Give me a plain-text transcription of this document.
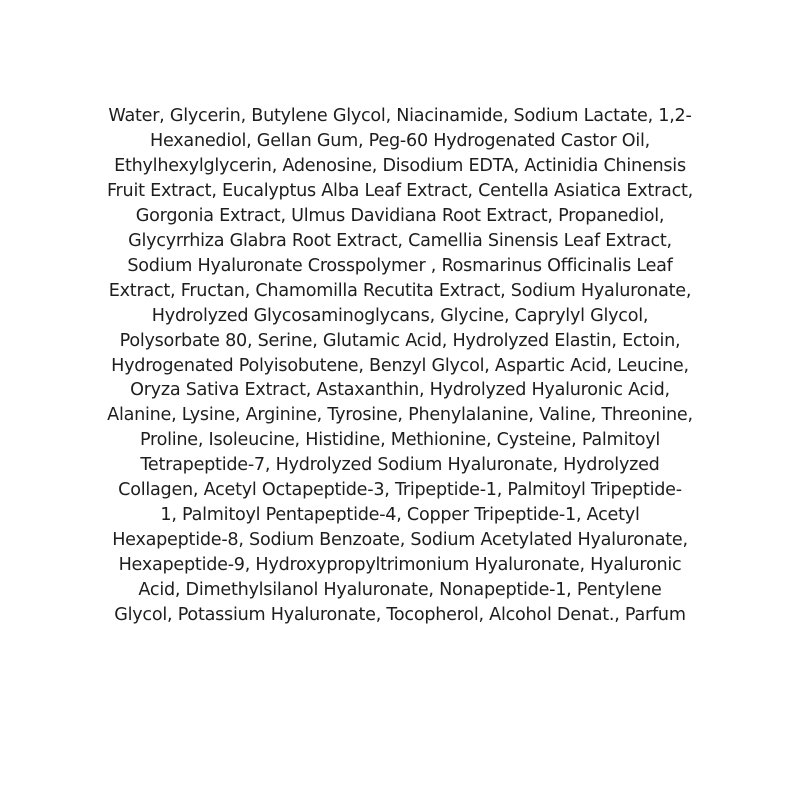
Water, Glycerin, Butylene Glycol, Niacinamide, Sodium Lactate, 1,2-
Hexanediol, Gellan Gum, Peg-60 Hydrogenated Castor Oil,
Ethylhexylglycerin, Adenosine, Disodium EDTA, Actinidia Chinensis
Fruit Extract, Eucalyptus Alba Leaf Extract, Centella Asiatica Extract,
Gorgonia Extract, Ulmus Davidiana Root Extract, Propanediol,
Glycyrrhiza Glabra Root Extract, Camellia Sinensis Leaf Extract,
Sodium Hyaluronate Crosspolymer , Rosmarinus Officinalis Leaf
Extract, Fructan, Chamomilla Recutita Extract, Sodium Hyaluronate,
Hydrolyzed Glycosaminoglycans, Glycine, Caprylyl Glycol,
Polysorbate 80, Serine, Glutamic Acid, Hydrolyzed Elastin, Ectoin,
Hydrogenated Polyisobutene, Benzyl Glycol, Aspartic Acid, Leucine,
Oryza Sativa Extract, Astaxanthin, Hydrolyzed Hyaluronic Acid,
Alanine, Lysine, Arginine, Tyrosine, Phenylalanine, Valine, Threonine,
Proline, Isoleucine, Histidine, Methionine, Cysteine, Palmitoyl
Tetrapeptide-7, Hydrolyzed Sodium Hyaluronate, Hydrolyzed
Collagen, Acetyl Octapeptide-3, Tripeptide-1, Palmitoyl Tripeptide-
1, Palmitoyl Pentapeptide-4, Copper Tripeptide-1, Acetyl
Hexapeptide-8, Sodium Benzoate, Sodium Acetylated Hyaluronate,
Hexapeptide-9, Hydroxypropyltrimonium Hyaluronate, Hyaluronic
Acid, Dimethylsilanol Hyaluronate, Nonapeptide-1, Pentylene
Glycol, Potassium Hyaluronate, Tocopherol, Alcohol Denat., Parfum
